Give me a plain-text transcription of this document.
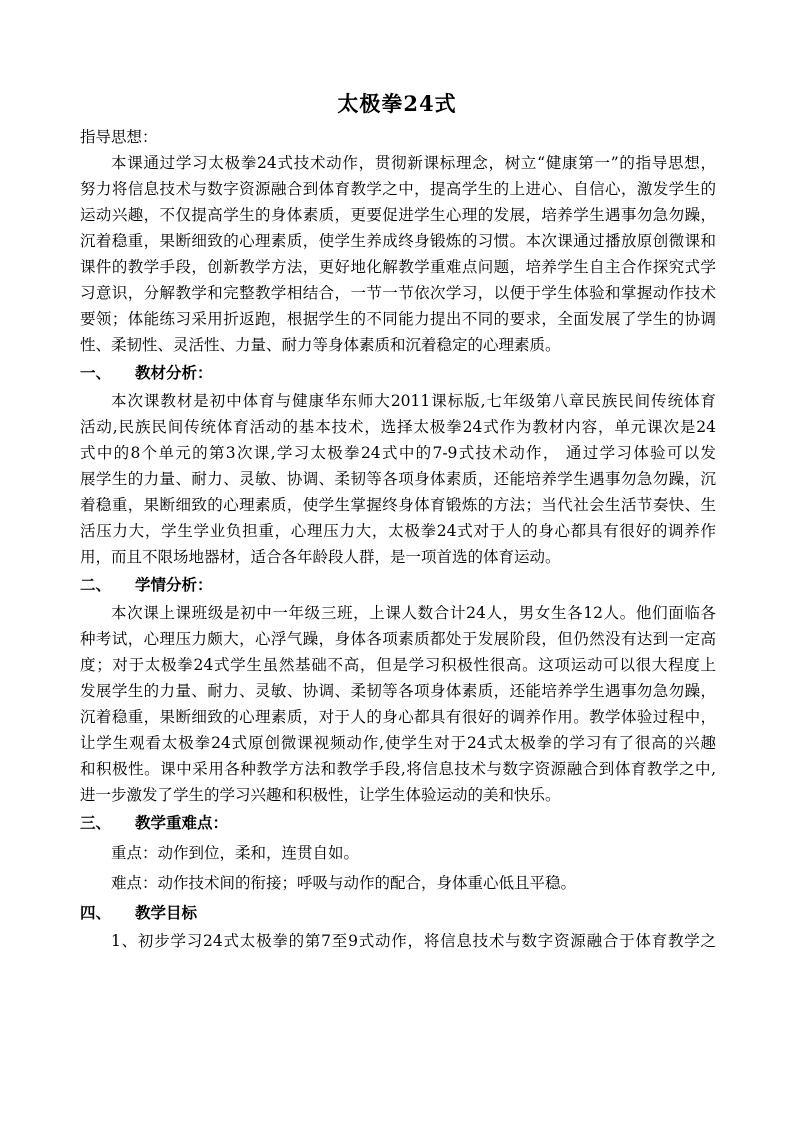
太极拳24式
指导思想：
本课通过学习太极拳24式技术动作，贯彻新课标理念，树立“健康第一”的指导思想，
努力将信息技术与数字资源融合到体育教学之中，提高学生的上进心、自信心，激发学生的
运动兴趣，不仅提高学生的身体素质，更要促进学生心理的发展，培养学生遇事勿急勿躁，
沉着稳重，果断细致的心理素质，使学生养成终身锻炼的习惯。本次课通过播放原创微课和
课件的教学手段，创新教学方法，更好地化解教学重难点问题，培养学生自主合作探究式学
习意识，分解教学和完整教学相结合，一节一节依次学习，以便于学生体验和掌握动作技术
要领；体能练习采用折返跑，根据学生的不同能力提出不同的要求，全面发展了学生的协调
性、柔韧性、灵活性、力量、耐力等身体素质和沉着稳定的心理素质。
一、 教材分析：
本次课教材是初中体育与健康华东师大2011课标版,七年级第八章民族民间传统体育
活动,民族民间传统体育活动的基本技术，选择太极拳24式作为教材内容，单元课次是24
式中的8个单元的第3次课,学习太极拳24式中的7-9式技术动作， 通过学习体验可以发
展学生的力量、耐力、灵敏、协调、柔韧等各项身体素质，还能培养学生遇事勿急勿躁，沉
着稳重，果断细致的心理素质，使学生掌握终身体育锻炼的方法；当代社会生活节奏快、生
活压力大，学生学业负担重，心理压力大，太极拳24式对于人的身心都具有很好的调养作
用，而且不限场地器材，适合各年龄段人群，是一项首选的体育运动。
二、 学情分析：
本次课上课班级是初中一年级三班，上课人数合计24人，男女生各12人。他们面临各
种考试，心理压力颇大，心浮气躁，身体各项素质都处于发展阶段，但仍然没有达到一定高
度；对于太极拳24式学生虽然基础不高，但是学习积极性很高。这项运动可以很大程度上
发展学生的力量、耐力、灵敏、协调、柔韧等各项身体素质，还能培养学生遇事勿急勿躁，
沉着稳重，果断细致的心理素质，对于人的身心都具有很好的调养作用。教学体验过程中，
让学生观看太极拳24式原创微课视频动作,使学生对于24式太极拳的学习有了很高的兴趣
和积极性。课中采用各种教学方法和教学手段,将信息技术与数字资源融合到体育教学之中,
进一步激发了学生的学习兴趣和积极性，让学生体验运动的美和快乐。
三、 教学重难点：
重点：动作到位，柔和，连贯自如。
难点：动作技术间的衔接；呼吸与动作的配合，身体重心低且平稳。
四、 教学目标
1、初步学习24式太极拳的第7至9式动作，将信息技术与数字资源融合于体育教学之
